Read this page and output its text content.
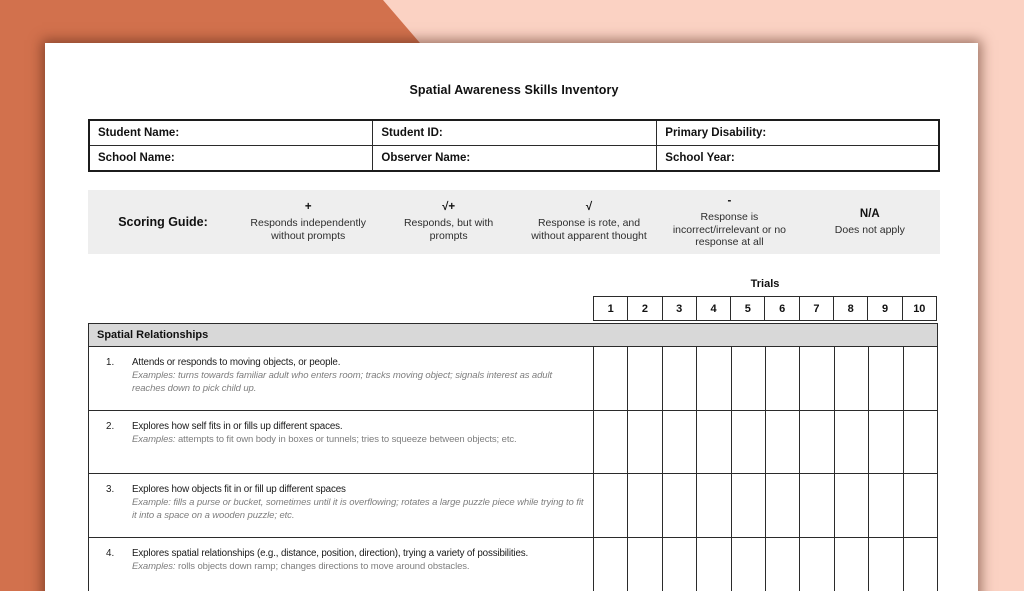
Spatial Awareness Skills Inventory
Student Name:	Student ID:	Primary Disability:
School Name:	Observer Name:	School Year:
Scoring Guide:
+
Responds independently without prompts
√+
Responds, but with prompts
√
Response is rote, and without apparent thought
-
Response is incorrect/irrelevant or no response at all
N/A
Does not apply
Trials
1	2	3	4	5	6	7	8	9	10
Spatial Relationships										

1. Attends or responds to moving objects, or people.
Examples: turns towards familiar adult who enters room; tracks moving object; signals interest as adult reaches down to pick child up.										

2. Explores how self fits in or fills up different spaces.
Examples: attempts to fit own body in boxes or tunnels; tries to squeeze between objects; etc.										

3. Explores how objects fit in or fill up different spaces
Example: fills a purse or bucket, sometimes until it is overflowing; rotates a large puzzle piece while trying to fit it into a space on a wooden puzzle; etc.										

4. Explores spatial relationships (e.g., distance, position, direction), trying a variety of possibilities.
Examples: rolls objects down ramp; changes directions to move around obstacles.										
